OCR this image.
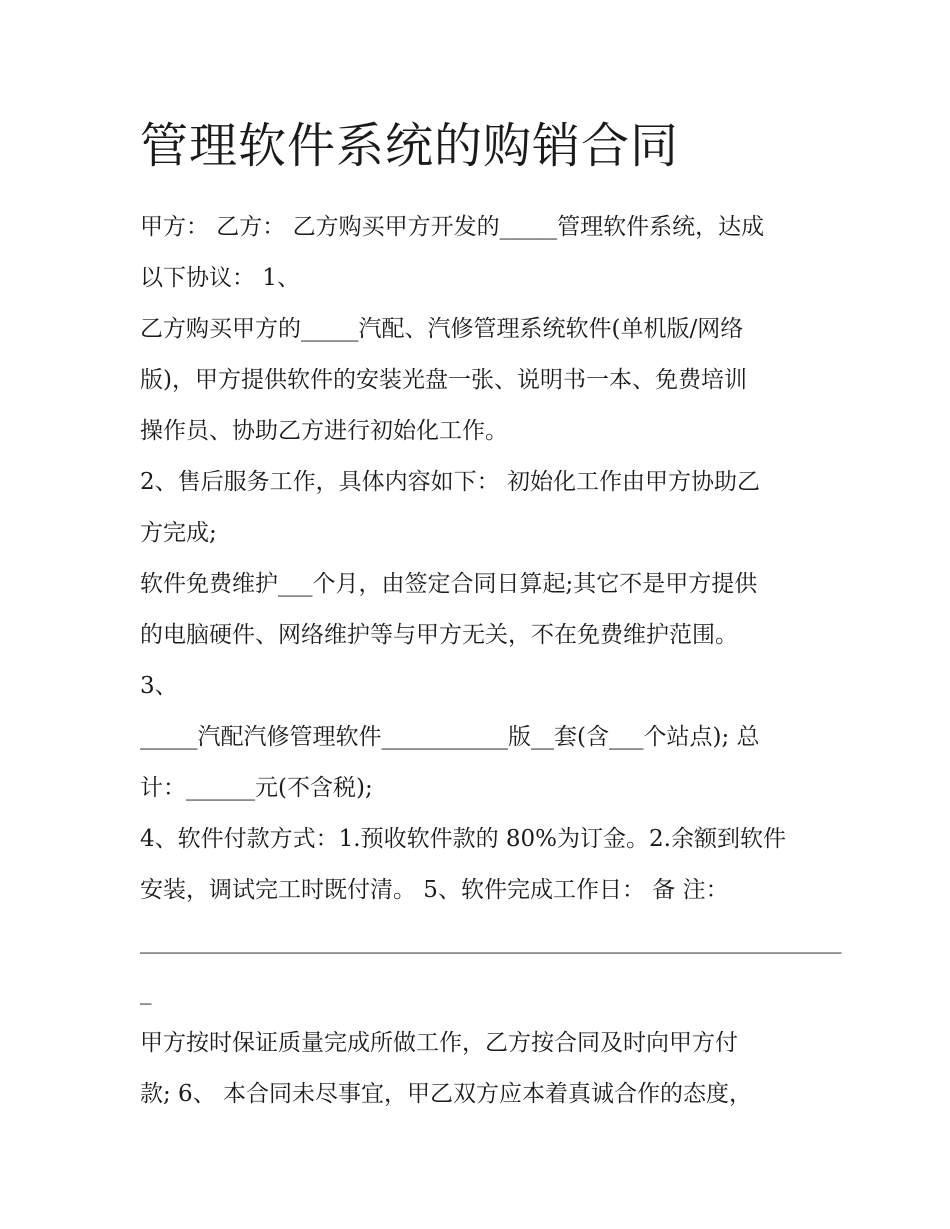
管理软件系统的购销合同

甲方： 乙方： 乙方购买甲方开发的_____管理软件系统，达成

以下协议： 1、

乙方购买甲方的_____汽配、汽修管理系统软件(单机版/网络

版)，甲方提供软件的安装光盘一张、说明书一本、免费培训

操作员、协助乙方进行初始化工作。

2、售后服务工作，具体内容如下： 初始化工作由甲方协助乙

方完成;

软件免费维护___个月，由签定合同日算起;其它不是甲方提供

的电脑硬件、网络维护等与甲方无关，不在免费维护范围。

3、

_____汽配汽修管理软件___________版__套(含___个站点); 总

计：______元(不含税);

4、软件付款方式：1.预收软件款的 80%为订金。2.余额到软件

安装，调试完工时既付清。 5、软件完成工作日： 备 注：

_____________________________________________________________

_

甲方按时保证质量完成所做工作，乙方按合同及时向甲方付

款; 6、 本合同未尽事宜，甲乙双方应本着真诚合作的态度，
